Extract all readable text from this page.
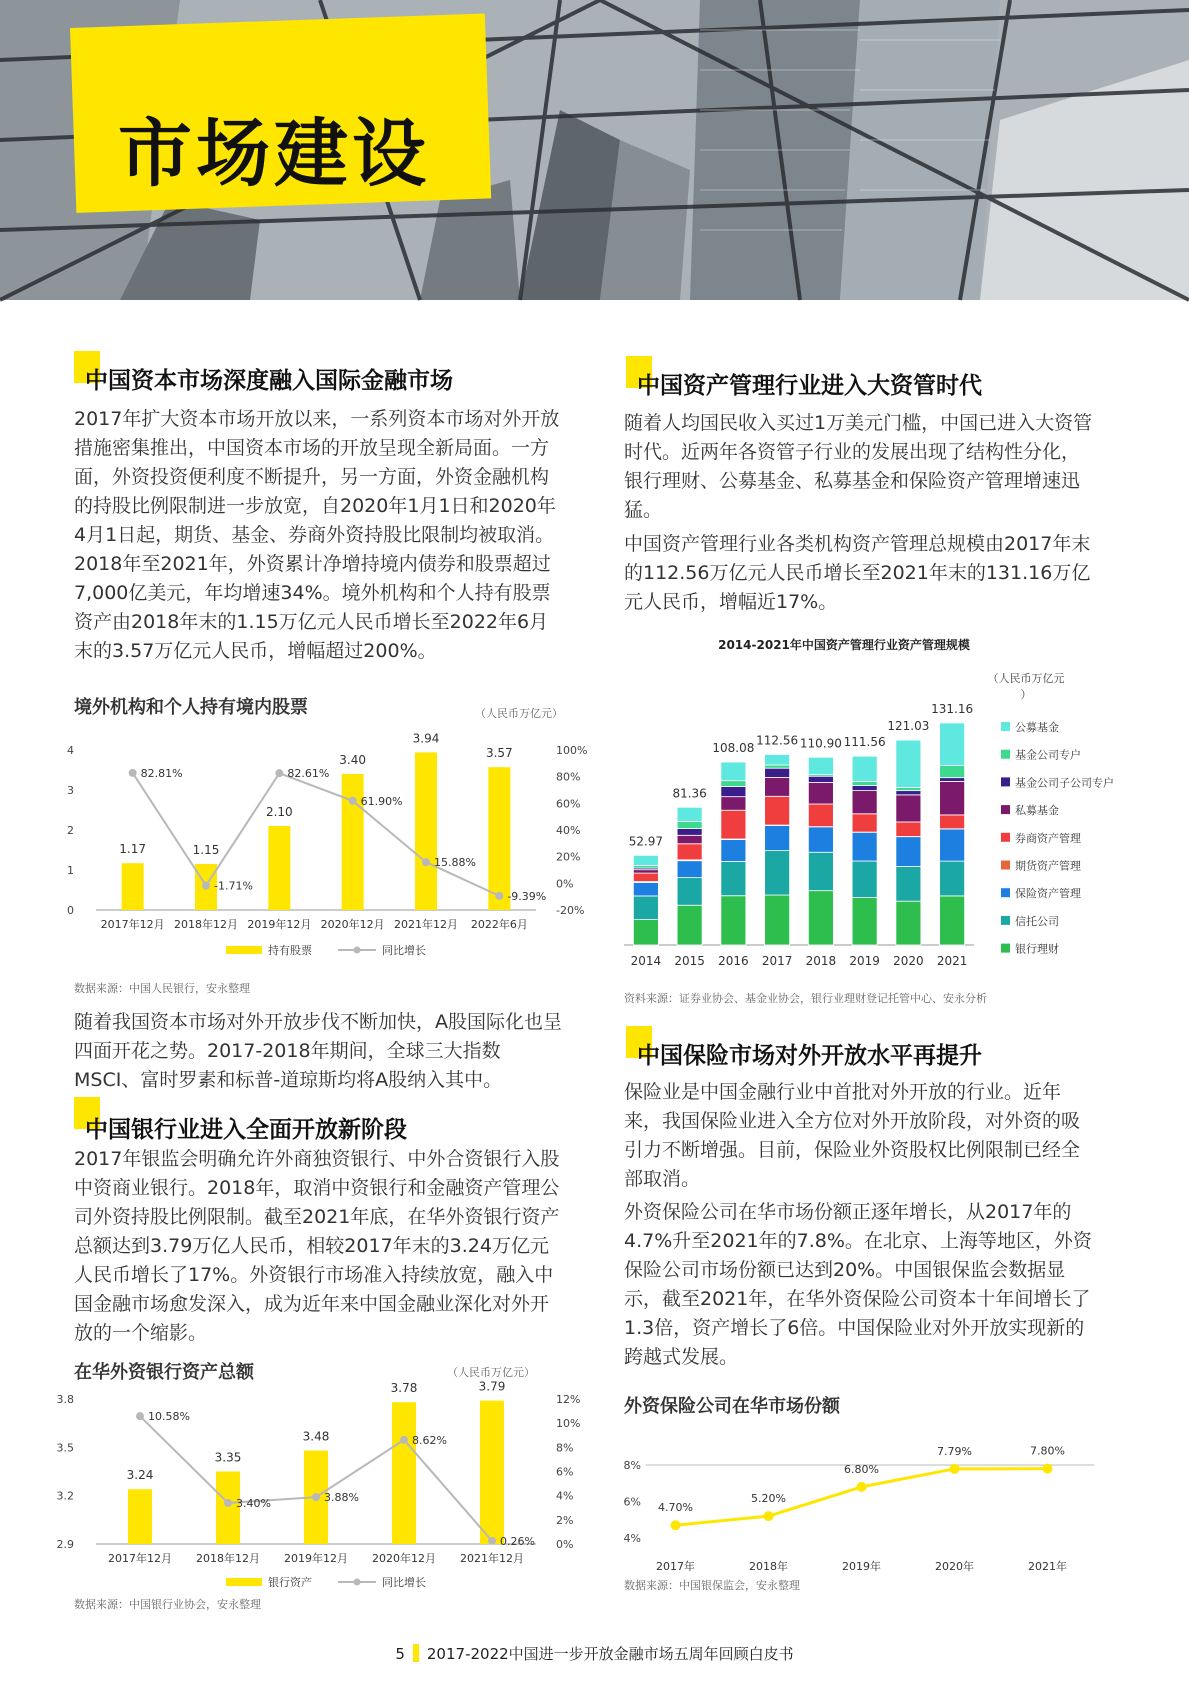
市场建设
中国资本市场深度融入国际金融市场

2017年扩大资本市场开放以来，一系列资本市场对外开放措施密集推出，中国资本市场的开放呈现全新局面。一方面，外资投资便利度不断提升，另一方面，外资金融机构的持股比例限制进一步放宽，自2020年1月1日和2020年4月1日起，期货、基金、券商外资持股比限制均被取消。2018年至2021年，外资累计净增持境内债券和股票超过7,000亿美元，年均增速34%。境外机构和个人持有股票资产由2018年末的1.15万亿元人民币增长至2022年6月末的3.57万亿元人民币，增幅超过200%。

境外机构和个人持有境内股票	（人民币万亿元）
0
1
2
3
4
-20%
0%
20%
40%
60%
80%
100%
1.17
2017年12月
1.15
2018年12月
2.10
2019年12月
3.40
2020年12月
3.94
2021年12月
3.57
2022年6月
82.81%
-1.71%
82.61%
61.90%
15.88%
-9.39%
持有股票	同比增长
数据来源：中国人民银行，安永整理

随着我国资本市场对外开放步伐不断加快，A股国际化也呈四面开花之势。2017-2018年期间，全球三大指数MSCI、富时罗素和标普-道琼斯均将A股纳入其中。

中国银行业进入全面开放新阶段

2017年银监会明确允许外商独资银行、中外合资银行入股中资商业银行。2018年，取消中资银行和金融资产管理公司外资持股比例限制。截至2021年底，在华外资银行资产总额达到3.79万亿人民币，相较2017年末的3.24万亿元人民币增长了17%。外资银行市场准入持续放宽，融入中国金融市场愈发深入，成为近年来中国金融业深化对外开放的一个缩影。

在华外资银行资产总额	（人民币万亿元）
2.9
3.2
3.5
3.8
0%
2%
4%
6%
8%
10%
12%
3.24
2017年12月
3.35
2018年12月
3.48
2019年12月
3.78
2020年12月
3.79
2021年12月
10.58%
3.40%	3.88%
8.62%
0.26%
银行资产	同比增长
数据来源：中国银行业协会，安永整理
中国资产管理行业进入大资管时代

随着人均国民收入买过1万美元门槛，中国已进入大资管时代。近两年各资管子行业的发展出现了结构性分化，银行理财、公募基金、私募基金和保险资产管理增速迅猛。

中国资产管理行业各类机构资产管理总规模由2017年末的112.56万亿元人民币增长至2021年末的131.16万亿元人民币，增幅近17%。

2014-2021年中国资产管理行业资产管理规模
52.97
2014
81.36
2015
108.08
2016
112.56
2017
110.90
2018
111.56
2019
121.03
2020
131.16
2021
（人民币万亿元
）
公募基金
基金公司专户
基金公司子公司专户
私募基金
券商资产管理
期货资产管理
保险资产管理
信托公司
银行理财
资料来源：证券业协会、基金业协会，银行业理财登记托管中心、安永分析
中国保险市场对外开放水平再提升

保险业是中国金融行业中首批对外开放的行业。近年来，我国保险业进入全方位对外开放阶段，对外资的吸引力不断增强。目前，保险业外资股权比例限制已经全部取消。

外资保险公司在华市场份额正逐年增长，从2017年的4.7%升至2021年的7.8%。在北京、上海等地区，外资保险公司市场份额已达到20%。中国银保监会数据显示，截至2021年，在华外资保险公司资本十年间增长了1.3倍，资产增长了6倍。中国保险业对外开放实现新的跨越式发展。

外资保险公司在华市场份额
4%
6%
8%
2017年	2018年	2019年	2020年	2021年
4.70%
5.20%
6.80%
7.79%	7.80%
数据来源：中国银保监会，安永整理
5 2017-2022中国进一步开放金融市场五周年回顾白皮书
